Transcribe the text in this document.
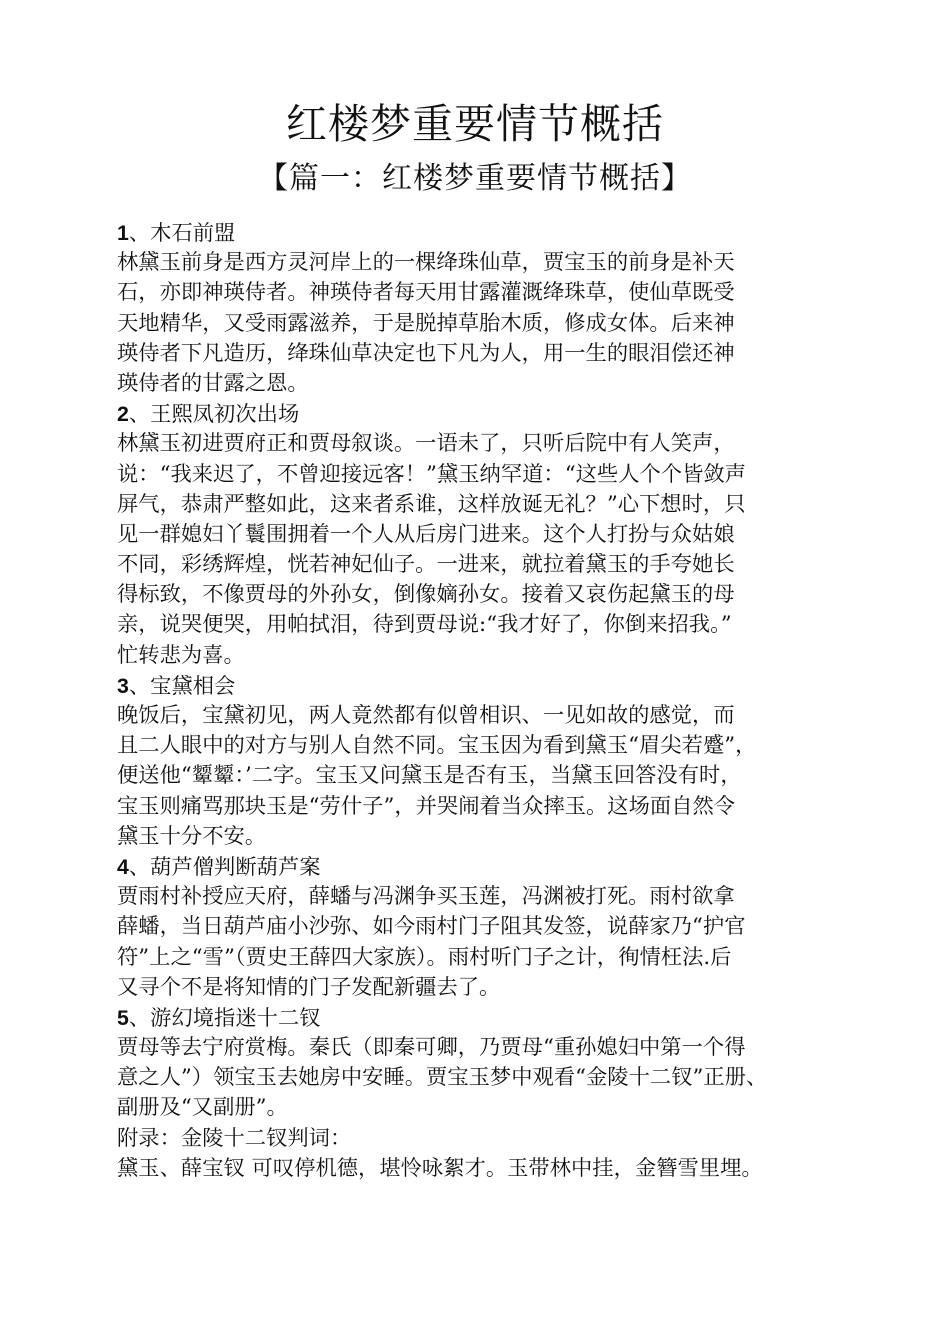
红楼梦重要情节概括
【篇一：红楼梦重要情节概括】
1、木石前盟
林黛玉前身是西方灵河岸上的一棵绛珠仙草，贾宝玉的前身是补天
石，亦即神瑛侍者。神瑛侍者每天用甘露灌溉绛珠草，使仙草既受
天地精华，又受雨露滋养，于是脱掉草胎木质，修成女体。后来神
瑛侍者下凡造历，绛珠仙草决定也下凡为人，用一生的眼泪偿还神
瑛侍者的甘露之恩。
2、王熙凤初次出场
林黛玉初进贾府正和贾母叙谈。一语未了，只听后院中有人笑声，
说：“我来迟了，不曾迎接远客！”黛玉纳罕道：“这些人个个皆敛声
屏气，恭肃严整如此，这来者系谁，这样放诞无礼？”心下想时，只
见一群媳妇丫鬟围拥着一个人从后房门进来。这个人打扮与众姑娘
不同，彩绣辉煌，恍若神妃仙子。一进来，就拉着黛玉的手夸她长
得标致，不像贾母的外孙女，倒像嫡孙女。接着又哀伤起黛玉的母
亲，说哭便哭，用帕拭泪，待到贾母说:“我才好了，你倒来招我。”
忙转悲为喜。
3、宝黛相会
晚饭后，宝黛初见，两人竟然都有似曾相识、一见如故的感觉，而
且二人眼中的对方与别人自然不同。宝玉因为看到黛玉“眉尖若蹙”，
便送他“颦颦：’二字。宝玉又问黛玉是否有玉，当黛玉回答没有时，
宝玉则痛骂那块玉是“劳什子”，并哭闹着当众摔玉。这场面自然令
黛玉十分不安。
4、葫芦僧判断葫芦案
贾雨村补授应天府，薛蟠与冯渊争买玉莲，冯渊被打死。雨村欲拿
薛蟠，当日葫芦庙小沙弥、如今雨村门子阻其发签，说薛家乃“护官
符”上之“雪”（贾史王薛四大家族）。雨村听门子之计，徇情枉法.后
又寻个不是将知情的门子发配新疆去了。
5、游幻境指迷十二钗
贾母等去宁府赏梅。秦氏（即秦可卿，乃贾母“重孙媳妇中第一个得
意之人”）领宝玉去她房中安睡。贾宝玉梦中观看“金陵十二钗”正册、
副册及“又副册”。
附录：金陵十二钗判词：
黛玉、薛宝钗 可叹停机德，堪怜咏絮才。玉带林中挂，金簪雪里埋。
